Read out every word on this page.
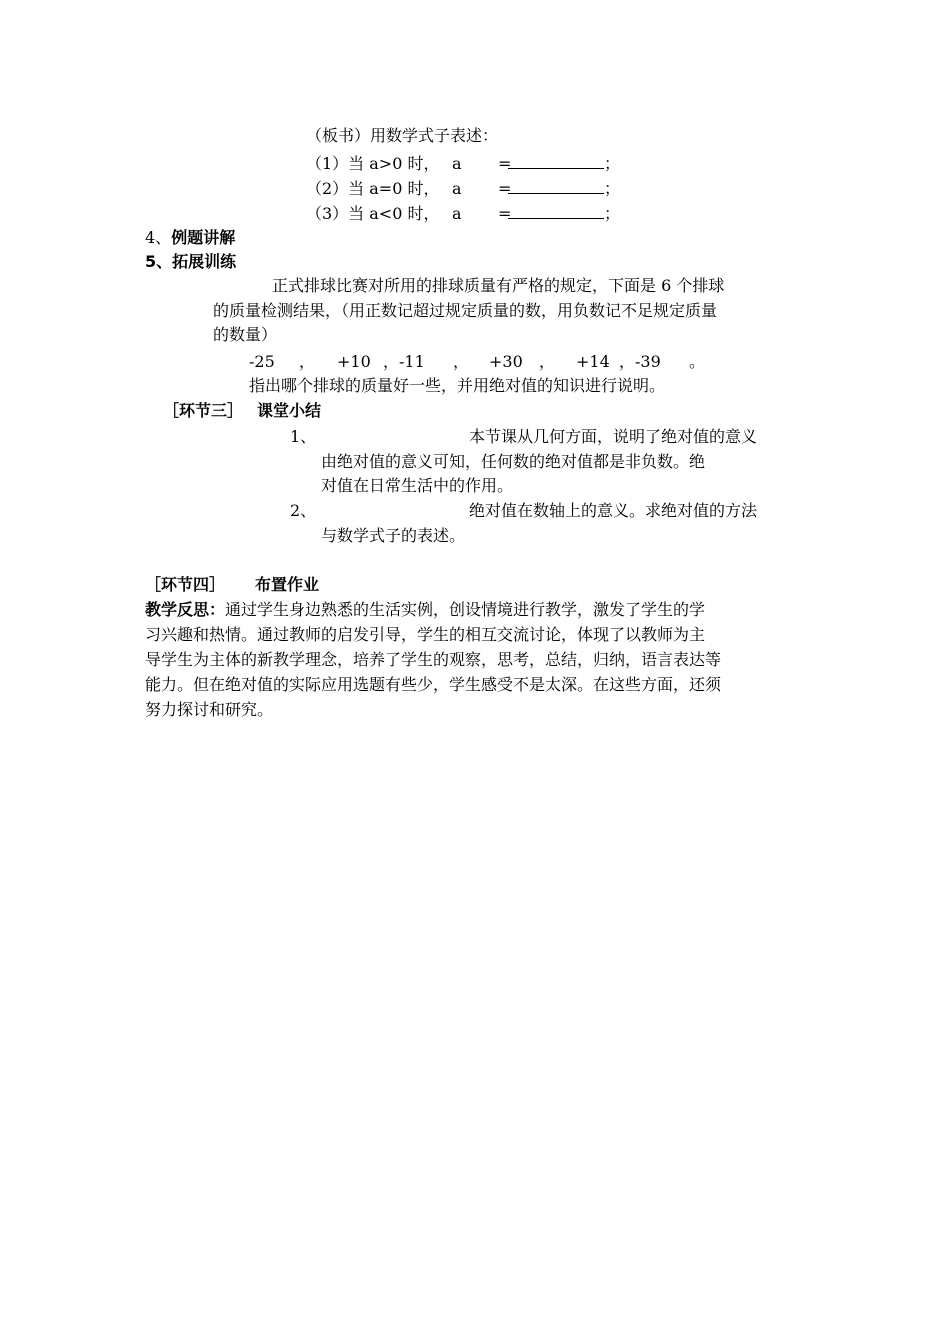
（板书）用数学式子表述：
（1）当 a>0 时， a =	；
（2）当 a=0 时， a =	；
（3）当 a<0 时， a =	；
4、例题讲解
5、拓展训练
正式排球比赛对所用的排球质量有严格的规定，下面是 6 个排球
的质量检测结果，（用正数记超过规定质量的数，用负数记不足规定质量
的数量）
-25 ， +10 ，-11 ， +30 ， +14 ，-39 。
指出哪个排球的质量好一些，并用绝对值的知识进行说明。
［环节三］ 课堂小结
1、	本节课从几何方面，说明了绝对值的意义
由绝对值的意义可知，任何数的绝对值都是非负数。绝
对值在日常生活中的作用。
2、	绝对值在数轴上的意义。求绝对值的方法
与数学式子的表述。
［环节四］ 布置作业
教学反思：通过学生身边熟悉的生活实例，创设情境进行教学，激发了学生的学
习兴趣和热情。通过教师的启发引导，学生的相互交流讨论，体现了以教师为主
导学生为主体的新教学理念，培养了学生的观察，思考，总结，归纳，语言表达等
能力。但在绝对值的实际应用选题有些少，学生感受不是太深。在这些方面，还须
努力探讨和研究。
